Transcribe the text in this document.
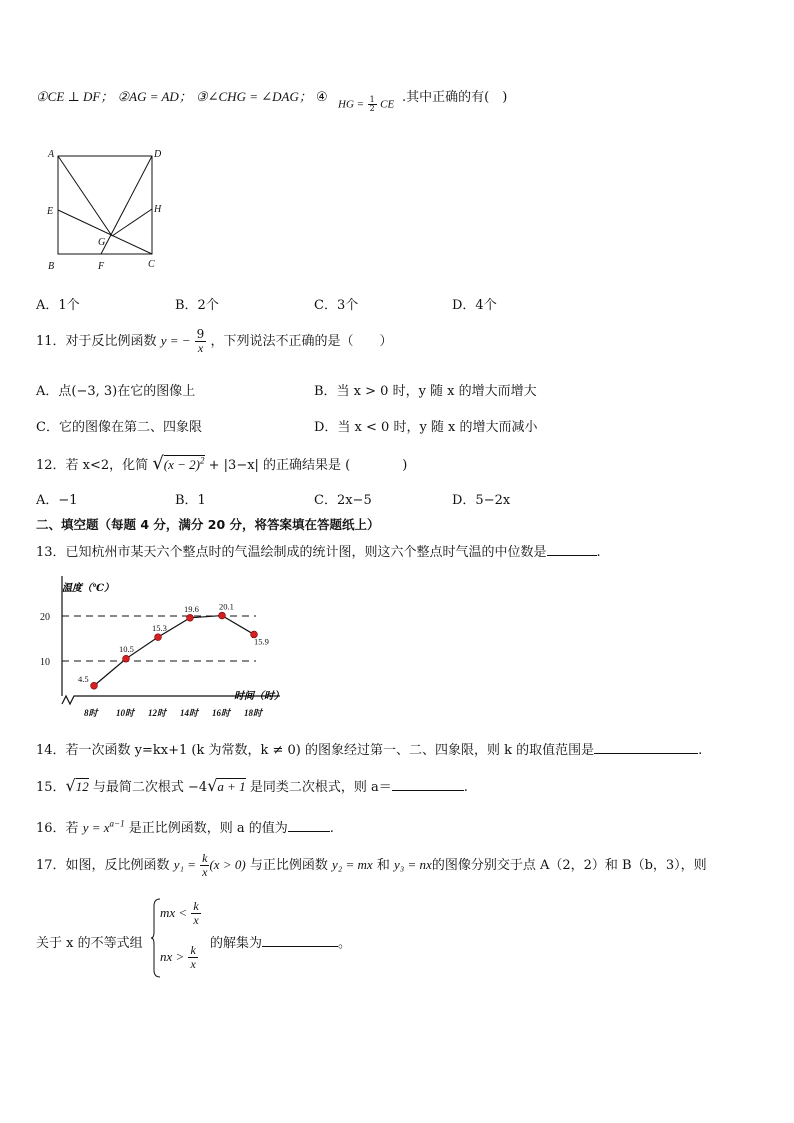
①CE ⊥ DF； ②AG = AD； ③∠CHG = ∠DAG； ④ HG = $\frac{1}{2}$ CE .其中正确的有(　)
A	D
E	H
G
B	F	C
A．1个	B．2个	C．3个	D．4个
11．对于反比例函数 y = − $\frac{9}{x}$ ，下列说法不正确的是（　　）
A．点(−3, 3)在它的图像上	B．当 x > 0 时，y 随 x 的增大而增大
C．它的图像在第二、四象限	D．当 x < 0 时，y 随 x 的增大而减小
12．若 x<2，化简 $√(x - 2)^2 + |3-x|$ 的正确结果是 (　　　　)
A．−1	B．1	C．2x−5	D．5−2x
二、填空题（每题 4 分，满分 20 分，将答案填在答题纸上）
13．已知杭州市某天六个整点时的气温绘制成的统计图，则这六个整点时气温的中位数是	.
温度（℃）
时间（时）
10
20
4.5
10.5
15.3
19.6 20.1
15.9
8时 10时 12时 14时 16时 18时
14．若一次函数 y=kx+1 (k 为常数，k ≠ 0) 的图象经过第一、二、四象限，则 k 的取值范围是	.
15．√12 与最简二次根式 −4√a + 1 是同类二次根式，则 a＝	.
16．若 $y = x^{a-1}$ 是正比例函数，则 a 的值为	.
17．如图，反比例函数 $y_1 = \frac{k}{x} (x > 0)$ 与正比例函数 y₂ = mx 和 y₃ = nx的图像分别交于点 A（2，2）和 B（b，3），则
关于 x 的不等式组
mx < $\frac{k}{x}$
nx > $\frac{k}{x}$
的解集为	。
